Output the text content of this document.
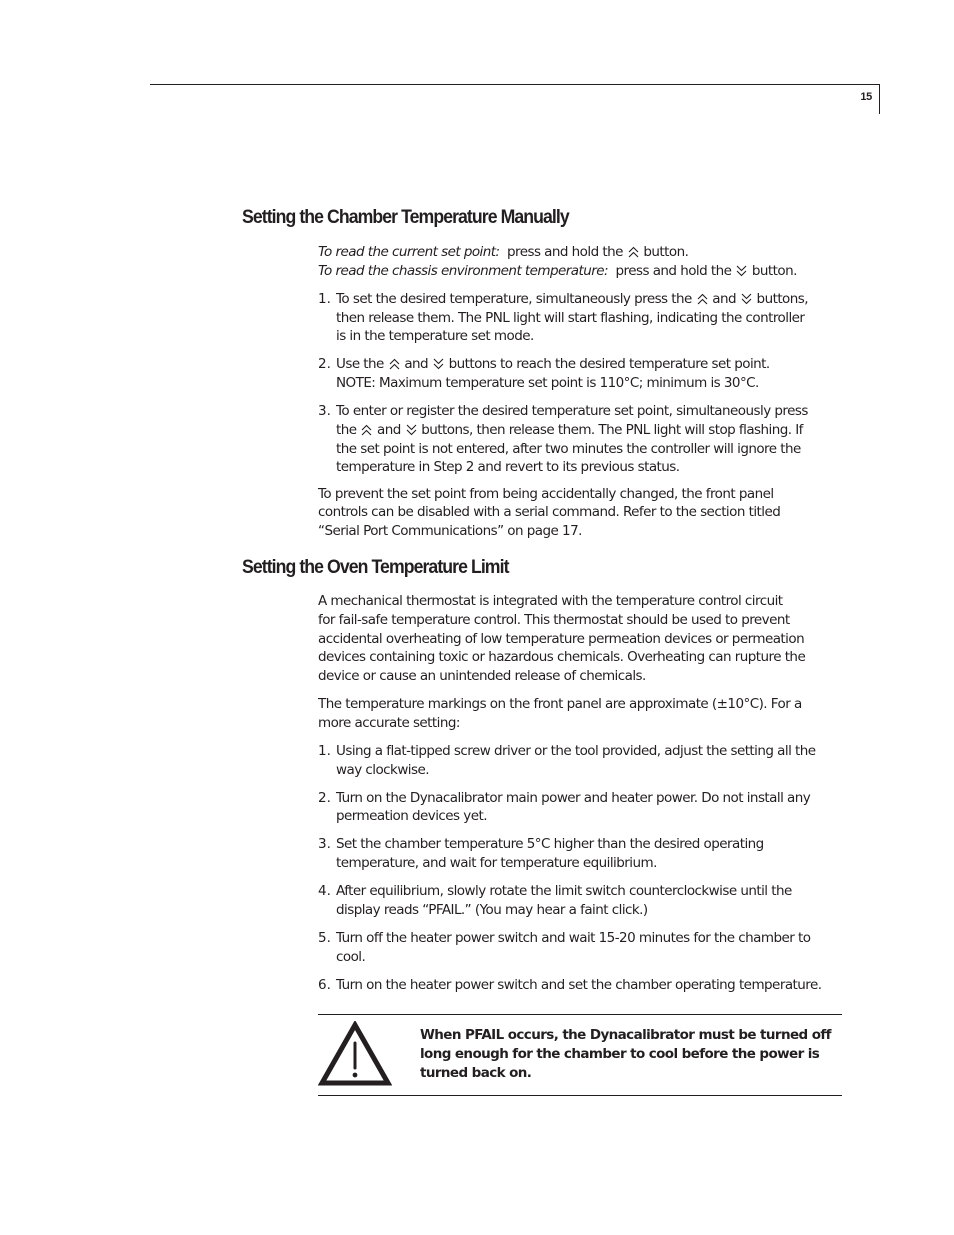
15
Setting the Chamber Temperature Manually

To read the current set point: press and hold the button.

To read the chassis environment temperature: press and hold the button.

1. To set the desired temperature, simultaneously press the and buttons,

then release them. The PNL light will start flashing, indicating the controller

is in the temperature set mode.

2. Use the and buttons to reach the desired temperature set point.

NOTE: Maximum temperature set point is 110°C; minimum is 30°C.

3. To enter or register the desired temperature set point, simultaneously press

the and buttons, then release them. The PNL light will stop flashing. If

the set point is not entered, after two minutes the controller will ignore the

temperature in Step 2 and revert to its previous status.

To prevent the set point from being accidentally changed, the front panel

controls can be disabled with a serial command. Refer to the section titled

“Serial Port Communications” on page 17.

Setting the Oven Temperature Limit

A mechanical thermostat is integrated with the temperature control circuit

for fail-safe temperature control. This thermostat should be used to prevent

accidental overheating of low temperature permeation devices or permeation

devices containing toxic or hazardous chemicals. Overheating can rupture the

device or cause an unintended release of chemicals.

The temperature markings on the front panel are approximate (±10°C). For a

more accurate setting:

1. Using a flat-tipped screw driver or the tool provided, adjust the setting all the

way clockwise.

2. Turn on the Dynacalibrator main power and heater power. Do not install any

permeation devices yet.

3. Set the chamber temperature 5°C higher than the desired operating

temperature, and wait for temperature equilibrium.

4. After equilibrium, slowly rotate the limit switch counterclockwise until the

display reads “PFAIL.” (You may hear a faint click.)

5. Turn off the heater power switch and wait 15-20 minutes for the chamber to

cool.

6. Turn on the heater power switch and set the chamber operating temperature.

When PFAIL occurs, the Dynacalibrator must be turned off
long enough for the chamber to cool before the power is
turned back on.
